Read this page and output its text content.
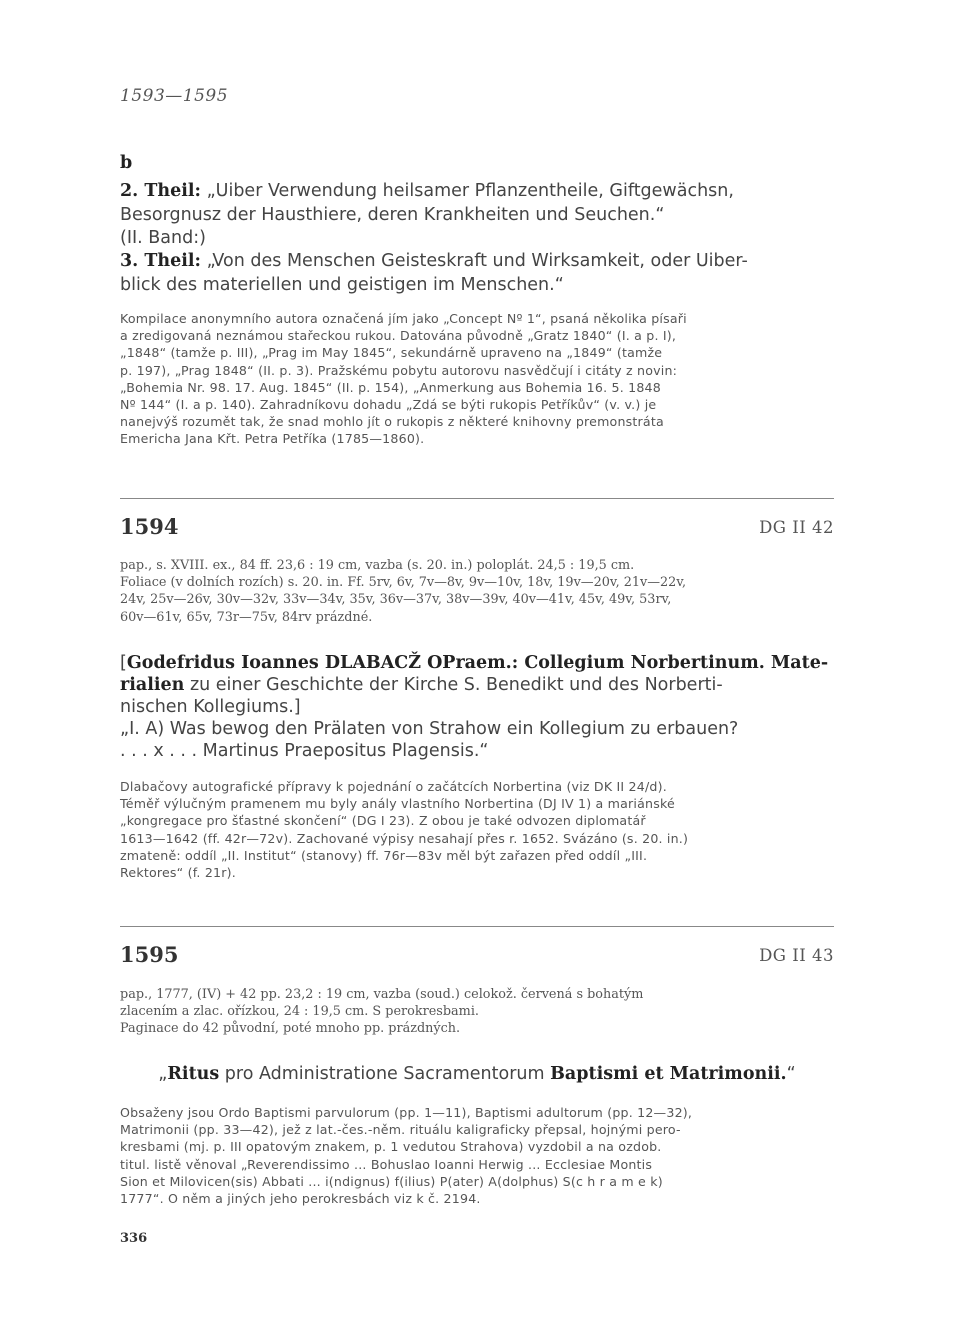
1593—1595
b
2. Theil: „Uiber Verwendung heilsamer Pflanzentheile, Giftgewächsn,
Besorgnusz der Hausthiere, deren Krankheiten und Seuchen.“
(II. Band:)
3. Theil: „Von des Menschen Geisteskraft und Wirksamkeit, oder Uiber-
blick des materiellen und geistigen im Menschen.“
Kompilace anonymního autora označená jím jako „Concept Nº 1“, psaná několika písaři
a zredigovaná neznámou stařeckou rukou. Datována původně „Gratz 1840“ (I. a p. I),
„1848“ (tamže p. III), „Prag im May 1845“, sekundárně upraveno na „1849“ (tamže
p. 197), „Prag 1848“ (II. p. 3). Pražskému pobytu autorovu nasvědčují i citáty z novin:
„Bohemia Nr. 98. 17. Aug. 1845“ (II. p. 154), „Anmerkung aus Bohemia 16. 5. 1848
Nº 144“ (I. a p. 140). Zahradníkovu dohadu „Zdá se býti rukopis Petříkův“ (v. v.) je
nanejvýš rozumět tak, že snad mohlo jít o rukopis z některé knihovny premonstráta
Emericha Jana Křt. Petra Petříka (1785—1860).
1594	DG II 42
pap., s. XVIII. ex., 84 ff. 23,6 : 19 cm, vazba (s. 20. in.) poloplát. 24,5 : 19,5 cm.
Foliace (v dolních rozích) s. 20. in. Ff. 5rv, 6v, 7v—8v, 9v—10v, 18v, 19v—20v, 21v—22v,
24v, 25v—26v, 30v—32v, 33v—34v, 35v, 36v—37v, 38v—39v, 40v—41v, 45v, 49v, 53rv,
60v—61v, 65v, 73r—75v, 84rv prázdné.
[Godefridus Ioannes DLABACŽ OPraem.: Collegium Norbertinum. Mate-
rialien zu einer Geschichte der Kirche S. Benedikt und des Norberti-
nischen Kollegiums.]
„I. A) Was bewog den Prälaten von Strahow ein Kollegium zu erbauen?
. . . x . . . Martinus Praepositus Plagensis.“
Dlabačovy autografické přípravy k pojednání o začátcích Norbertina (viz DK II 24/d).
Téměř výlučným pramenem mu byly anály vlastního Norbertina (DJ IV 1) a mariánské
„kongregace pro šťastné skončení“ (DG I 23). Z obou je také odvozen diplomatář
1613—1642 (ff. 42r—72v). Zachované výpisy nesahají přes r. 1652. Svázáno (s. 20. in.)
zmateně: oddíl „II. Institut“ (stanovy) ff. 76r—83v měl být zařazen před oddíl „III.
Rektores“ (f. 21r).
1595	DG II 43
pap., 1777, (IV) + 42 pp. 23,2 : 19 cm, vazba (soud.) celokož. červená s bohatým
zlacením a zlac. ořízkou, 24 : 19,5 cm. S perokresbami.
Paginace do 42 původní, poté mnoho pp. prázdných.
„Ritus pro Administratione Sacramentorum Baptismi et Matrimonii.“
Obsaženy jsou Ordo Baptismi parvulorum (pp. 1—11), Baptismi adultorum (pp. 12—32),
Matrimonii (pp. 33—42), jež z lat.-čes.-něm. rituálu kaligraficky přepsal, hojnými pero-
kresbami (mj. p. III opatovým znakem, p. 1 vedutou Strahova) vyzdobil a na ozdob.
titul. listě věnoval „Reverendissimo ... Bohuslao Ioanni Herwig ... Ecclesiae Montis
Sion et Milovicen(sis) Abbati ... i(ndignus) f(ilius) P(ater) A(dolphus) S(c h r a m e k)
1777“. O něm a jiných jeho perokresbách viz k č. 2194.
336
